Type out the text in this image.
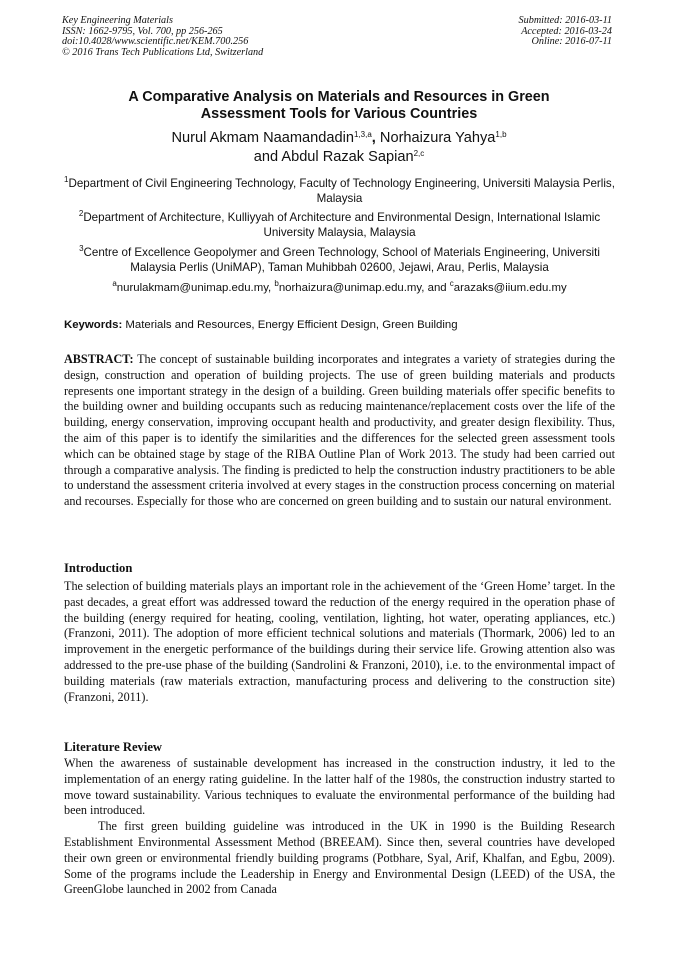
Key Engineering Materials
ISSN: 1662-9795, Vol. 700, pp 256-265
doi:10.4028/www.scientific.net/KEM.700.256
© 2016 Trans Tech Publications Ltd, Switzerland
Submitted: 2016-03-11
Accepted: 2016-03-24
Online: 2016-07-11
A Comparative Analysis on Materials and Resources in Green
Assessment Tools for Various Countries
Nurul Akmam Naamandadin$^{1,3,a}$, Norhaizura Yahya$^{1,b}$
and Abdul Razak Sapian$^{2,c}$
$^1$Department of Civil Engineering Technology, Faculty of Technology Engineering, Universiti Malaysia Perlis, Malaysia
$^2$Department of Architecture, Kulliyyah of Architecture and Environmental Design, International Islamic University Malaysia, Malaysia
$^3$Centre of Excellence Geopolymer and Green Technology, School of Materials Engineering, Universiti Malaysia Perlis (UniMAP), Taman Muhibbah 02600, Jejawi, Arau, Perlis, Malaysia
$^a$nurulakmam@unimap.edu.my, $^b$norhaizura@unimap.edu.my, and $^c$arazaks@iium.edu.my
Keywords: Materials and Resources, Energy Efficient Design, Green Building
ABSTRACT: The concept of sustainable building incorporates and integrates a variety of strategies during the design, construction and operation of building projects. The use of green building materials and products represents one important strategy in the design of a building. Green building materials offer specific benefits to the building owner and building occupants such as reducing maintenance/replacement costs over the life of the building, energy conservation, improving occupant health and productivity, and greater design flexibility. Thus, the aim of this paper is to identify the similarities and the differences for the selected green assessment tools which can be obtained stage by stage of the RIBA Outline Plan of Work 2013. The study had been carried out through a comparative analysis. The finding is predicted to help the construction industry practitioners to be able to understand the assessment criteria involved at every stages in the construction process concerning on material and recourses. Especially for those who are concerned on green building and to sustain our natural environment.
Introduction

The selection of building materials plays an important role in the achievement of the ‘Green Home’ target. In the past decades, a great effort was addressed toward the reduction of the energy required in the operation phase of the building (energy required for heating, cooling, ventilation, lighting, hot water, operating appliances, etc.) (Franzoni, 2011). The adoption of more efficient technical solutions and materials (Thormark, 2006) led to an improvement in the energetic performance of the buildings during their service life. Growing attention also was addressed to the pre-use phase of the building (Sandrolini & Franzoni, 2010), i.e. to the environmental impact of building materials (raw materials extraction, manufacturing process and delivering to the construction site) (Franzoni, 2011).

Literature Review

When the awareness of sustainable development has increased in the construction industry, it led to the implementation of an energy rating guideline. In the latter half of the 1980s, the construction industry started to move toward sustainability. Various techniques to evaluate the environmental performance of the building had been introduced.

The first green building guideline was introduced in the UK in 1990 is the Building Research Establishment Environmental Assessment Method (BREEAM). Since then, several countries have developed their own green or environmental friendly building programs (Potbhare, Syal, Arif, Khalfan, and Egbu, 2009). Some of the programs include the Leadership in Energy and Environmental Design (LEED) of the USA, the GreenGlobe launched in 2002 from Canada
